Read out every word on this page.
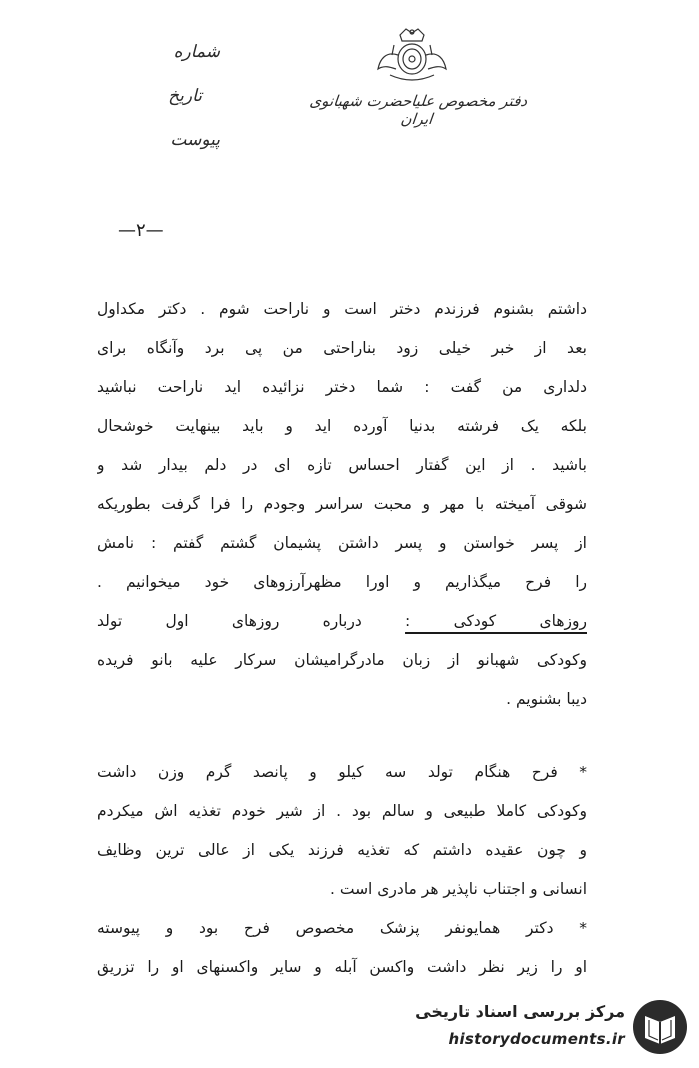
دفتر مخصوص علیاحضرت شهبانوی ایران
شماره
تاریخ
پیوست
—۲—
داشتم بشنوم فرزندم دختر است و ناراحت شوم . دکتر مکداول
بعد از خبر خیلی زود بناراحتی من پی برد وآنگاه برای
دلداری من گفت : شما دختر نزائیده اید ناراحت نباشید
بلکه یک فرشته بدنیا آورده اید و باید بینهایت خوشحال
باشید . از این گفتار احساس تازه ای در دلم بیدار شد و
شوقی آمیخته با مهر و محبت سراسر وجودم را فرا گرفت بطوریکه
از پسر خواستن و پسر داشتن پشیمان گشتم گفتم : نامش
را فرح میگذاریم و اورا مظهرآرزوهای خود میخوانیم .
روزهای کودکی : درباره روزهای اول تولد
وکودکی شهبانو از زبان مادرگرامیشان سرکار علیه بانو فریده
دیبا بشنویم .
* فرح هنگام تولد سه کیلو و پانصد گرم وزن داشت
وکودکی کاملا طبیعی و سالم بود . از شیر خودم تغذیه اش میکردم
و چون عقیده داشتم که تغذیه فرزند یکی از عالی ترین وظایف
انسانی و اجتناب ناپذیر هر مادری است .
* دکتر همایونفر پزشک مخصوص فرح بود و پیوسته
او را زیر نظر داشت واکسن آبله و سایر واکسنهای او را تزریق
مرکز بررسی اسناد تاریخی
historydocuments.ir
